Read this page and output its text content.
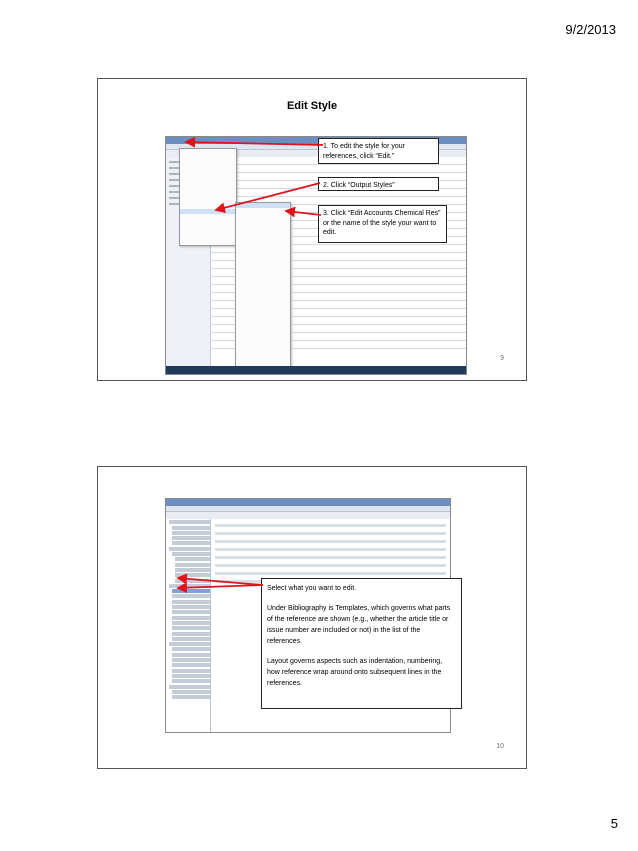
9/2/2013
Edit Style
1. To edit the style for your references, click “Edit.”
2. Click “Output Styles”
3. Click “Edit Accounts Chemical Res” or the name of the style your want to edit.
9

Select what you want to edit.

Under Bibliography is Templates, which governs what parts of the reference are shown (e.g., whether the article title or issue number are included or not) in the list of the references.

Layout governs aspects such as indentation, numbering, how reference wrap around onto subsequent lines in the references.

10
5
